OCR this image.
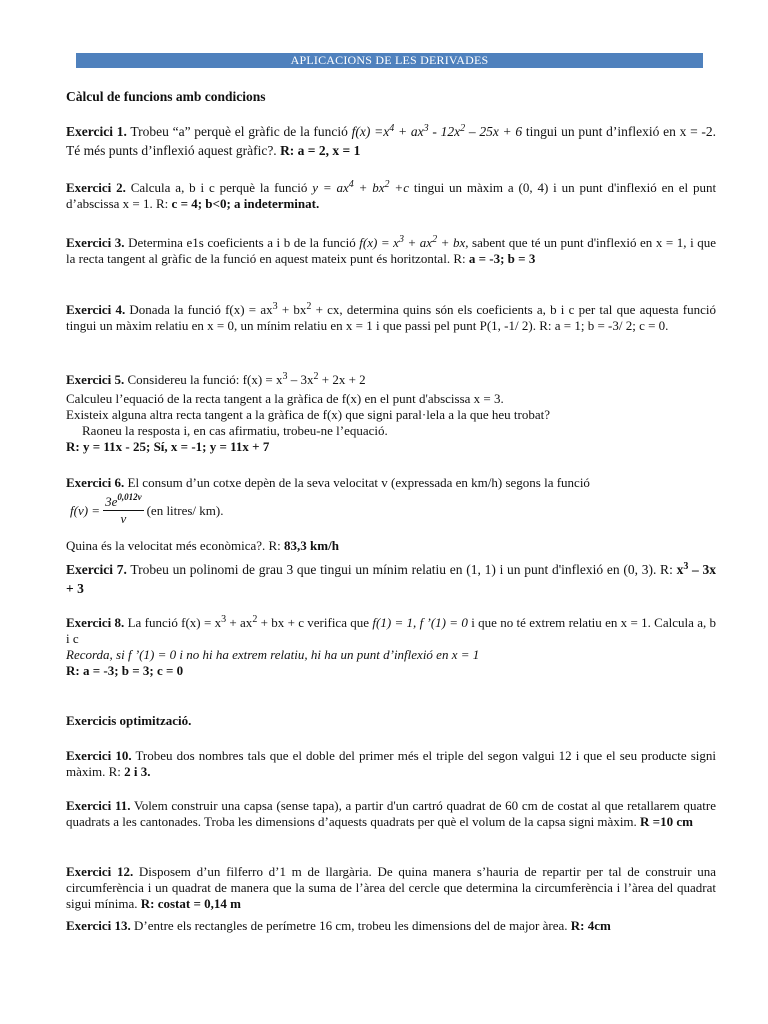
APLICACIONS DE LES DERIVADES
Càlcul de funcions amb condicions
Exercici 1. Trobeu “a” perquè el gràfic de la funció $f(x) =x^4 + ax^3 - 12x^2 - 25x + 6$ tingui un punt d’inflexió en x = -2. Té més punts d’inflexió aquest gràfic?. R: a = 2, x = 1
Exercici 2. Calcula a, b i c perquè la funció $y = ax^4 + bx^2 +c$ tingui un màxim a (0, 4) i un punt d'inflexió en el punt d’abscissa x = 1. R: c = 4; b<0; a indeterminat.
Exercici 3. Determina e1s coeficients a i b de la funció $f(x) = x^3 + ax^2$ + bx, sabent que té un punt d'inflexió en x = 1, i que la recta tangent al gràfic de la funció en aquest mateix punt és horitzontal. R: a = -3; b = 3
Exercici 4. Donada la funció $f(x) = ax^3 + bx^2$ + cx, determina quins són els coeficients a, b i c per tal que aquesta funció tingui un màxim relatiu en x = 0, un mínim relatiu en x = 1 i que passi pel punt P(1, -1/ 2). R: a = 1; b = -3/ 2; c = 0.
Exercici 5. Considereu la funció: $f(x) = x^3 - 3x^2 + 2x + 2$
Calculeu l’equació de la recta tangent a la gràfica de f(x) en el punt d'abscissa x = 3.
Existeix alguna altra recta tangent a la gràfica de f(x) que signi paral·lela a la que heu trobat?
Raoneu la resposta i, en cas afirmatiu, trobeu-ne l’equació.
R: y = 11x - 25; Sí, x = -1; y = 11x + 7
Exercici 6. El consum d’un cotxe depèn de la seva velocitat v (expressada en km/h) segons la funció
$f(v) = \frac{3e^{0,012v}}{v} (en$ litres/ km).
Quina és la velocitat més econòmica?. R: 83,3 km/h
Exercici 7. Trobeu un polinomi de grau 3 que tingui un mínim relatiu en (1, 1) i un punt d'inflexió en (0, 3). R: $x^3 - 3x + 3$
Exercici 8. La funció $f(x) = x^3 + ax^2$ + bx + c verifica que f(1) = 1, f ’(1) = 0 i que no té extrem relatiu en x = 1. Calcula a, b i c
Recorda, si f ’(1) = 0 i no hi ha extrem relatiu, hi ha un punt d’inflexió en x = 1
R: a = -3; b = 3; c = 0
Exercicis optimització.
Exercici 10. Trobeu dos nombres tals que el doble del primer més el triple del segon valgui 12 i que el seu producte signi màxim. R: 2 i 3.
Exercici 11. Volem construir una capsa (sense tapa), a partir d'un cartró quadrat de 60 cm de costat al que retallarem quatre quadrats a les cantonades. Troba les dimensions d’aquests quadrats per què el volum de la capsa signi màxim. R =10 cm
Exercici 12. Disposem d’un filferro d’1 m de llargària. De quina manera s’hauria de repartir per tal de construir una circumferència i un quadrat de manera que la suma de l’àrea del cercle que determina la circumferència i l’àrea del quadrat sigui mínima. R: costat = 0,14 m
Exercici 13. D’entre els rectangles de perímetre 16 cm, trobeu les dimensions del de major àrea. R: 4cm
